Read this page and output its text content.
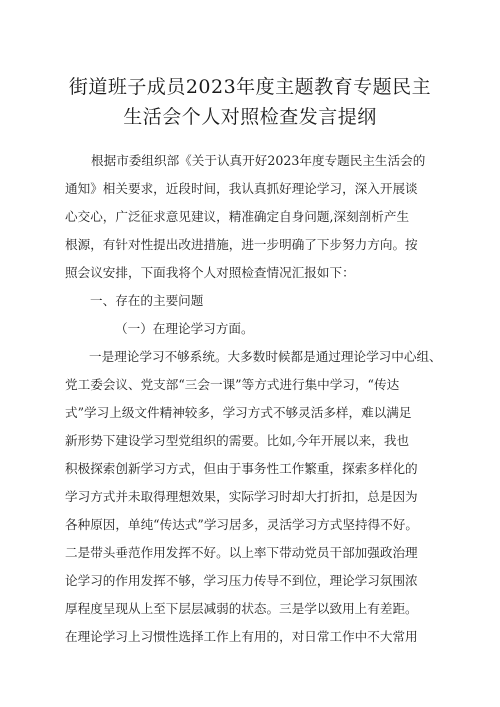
街道班子成员2023年度主题教育专题民主
生活会个人对照检查发言提纲
根据市委组织部《关于认真开好2023年度专题民主生活会的
通知》相关要求，近段时间，我认真抓好理论学习，深入开展谈
心交心，广泛征求意见建议，精准确定自身问题,深刻剖析产生
根源，有针对性提出改进措施，进一步明确了下步努力方向。按
照会议安排，下面我将个人对照检查情况汇报如下：
一、存在的主要问题
（一）在理论学习方面。
一是理论学习不够系统。大多数时候都是通过理论学习中心组、
党工委会议、党支部“三会一课”等方式进行集中学习，“传达
式”学习上级文件精神较多，学习方式不够灵活多样，难以满足
新形势下建设学习型党组织的需要。比如,今年开展以来，我也
积极探索创新学习方式，但由于事务性工作繁重，探索多样化的
学习方式并未取得理想效果，实际学习时却大打折扣，总是因为
各种原因，单纯“传达式”学习居多，灵活学习方式坚持得不好。
二是带头垂范作用发挥不好。以上率下带动党员干部加强政治理
论学习的作用发挥不够，学习压力传导不到位，理论学习氛围浓
厚程度呈现从上至下层层减弱的状态。三是学以致用上有差距。
在理论学习上习惯性选择工作上有用的，对日常工作中不大常用
